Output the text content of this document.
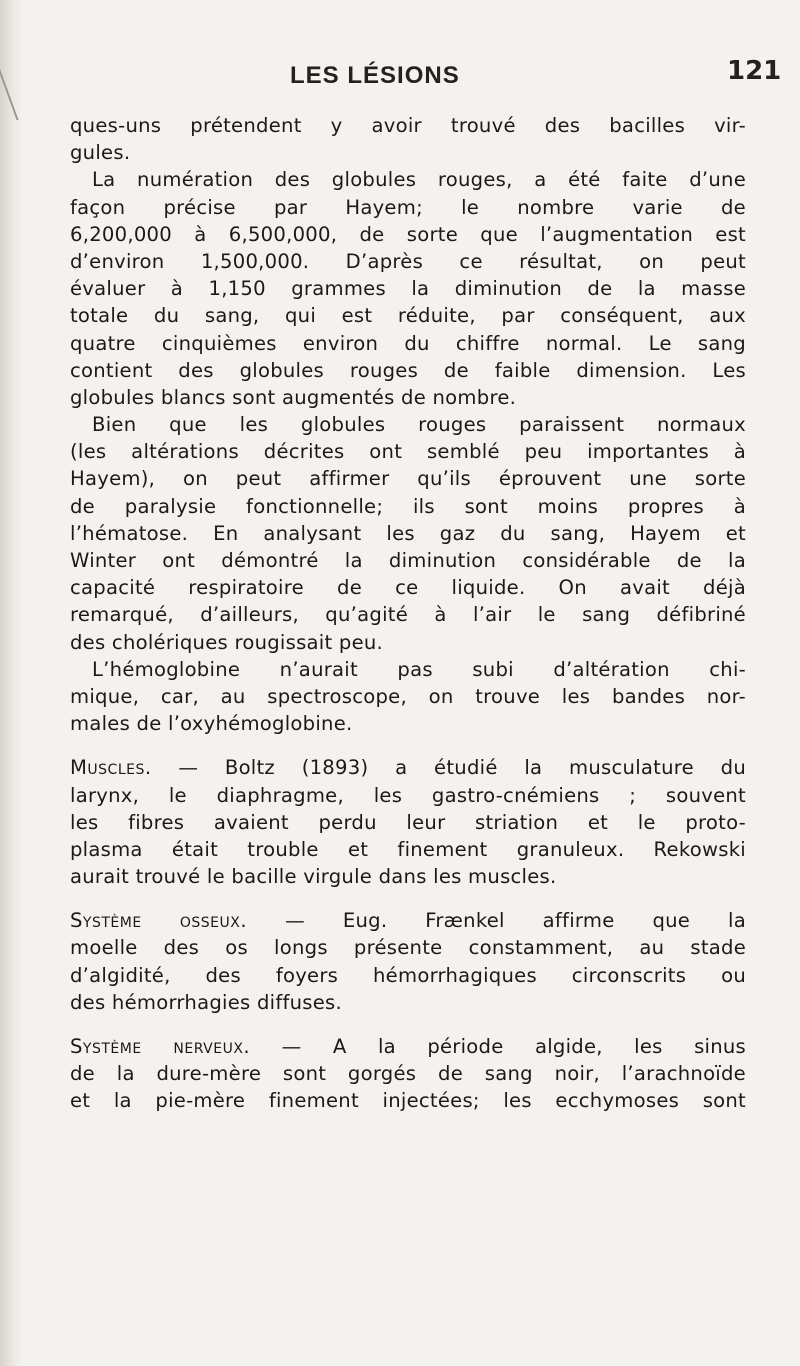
LES LÉSIONS	121
ques-uns prétendent y avoir trouvé des bacilles vir-
gules.
La numération des globules rouges, a été faite d’une
façon précise par Hayem; le nombre varie de
6,200,000 à 6,500,000, de sorte que l’augmentation est
d’environ 1,500,000. D’après ce résultat, on peut
évaluer à 1,150 grammes la diminution de la masse
totale du sang, qui est réduite, par conséquent, aux
quatre cinquièmes environ du chiffre normal. Le sang
contient des globules rouges de faible dimension. Les
globules blancs sont augmentés de nombre.
Bien que les globules rouges paraissent normaux
(les altérations décrites ont semblé peu importantes à
Hayem), on peut affirmer qu’ils éprouvent une sorte
de paralysie fonctionnelle; ils sont moins propres à
l’hématose. En analysant les gaz du sang, Hayem et
Winter ont démontré la diminution considérable de la
capacité respiratoire de ce liquide. On avait déjà
remarqué, d’ailleurs, qu’agité à l’air le sang défibriné
des cholériques rougissait peu.
L’hémoglobine n’aurait pas subi d’altération chi-
mique, car, au spectroscope, on trouve les bandes nor-
males de l’oxyhémoglobine.
Muscles. — Boltz (1893) a étudié la musculature du
larynx, le diaphragme, les gastro-cnémiens ; souvent
les fibres avaient perdu leur striation et le proto-
plasma était trouble et finement granuleux. Rekowski
aurait trouvé le bacille virgule dans les muscles.
Système osseux. — Eug. Frænkel affirme que la
moelle des os longs présente constamment, au stade
d’algidité, des foyers hémorrhagiques circonscrits ou
des hémorrhagies diffuses.
Système nerveux. — A la période algide, les sinus
de la dure-mère sont gorgés de sang noir, l’arachnoïde
et la pie-mère finement injectées; les ecchymoses sont
